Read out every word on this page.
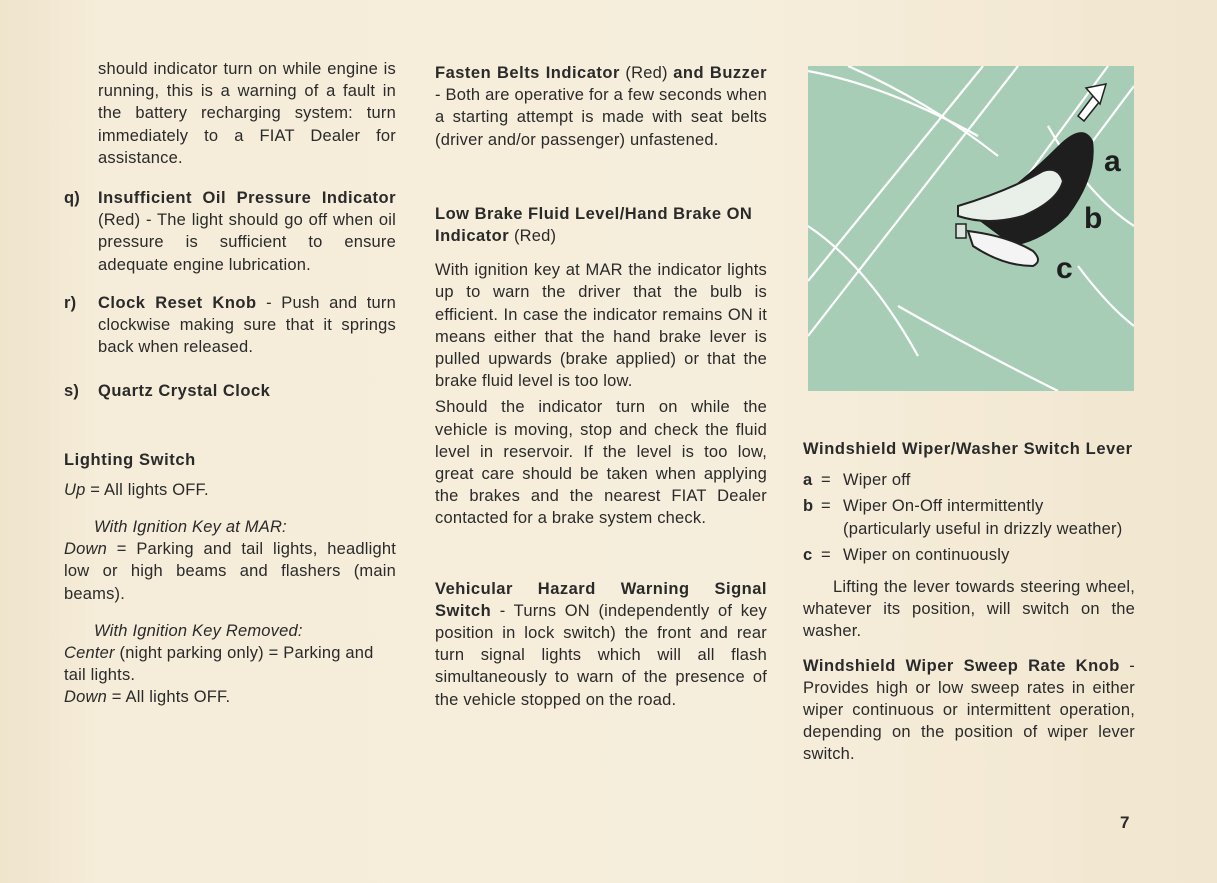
should indicator turn on while engine is running, this is a warning of a fault in the battery recharging system: turn immediately to a FIAT Dealer for assistance.

q) Insufficient Oil Pressure Indicator (Red) - The light should go off when oil pressure is sufficient to ensure adequate engine lubrication.
r) Clock Reset Knob - Push and turn clockwise making sure that it springs back when released.
s) Quartz Crystal Clock

Lighting Switch

Up = All lights OFF.

With Ignition Key at MAR:

Down = Parking and tail lights, headlight low or high beams and flashers (main beams).

With Ignition Key Removed:

Center (night parking only) = Parking and tail lights.

Down = All lights OFF.

Fasten Belts Indicator (Red) and Buzzer - Both are operative for a few seconds when a starting attempt is made with seat belts (driver and/or passenger) unfastened.

Low Brake Fluid Level/Hand Brake ON Indicator (Red)

With ignition key at MAR the indicator lights up to warn the driver that the bulb is efficient. In case the indicator remains ON it means either that the hand brake lever is pulled upwards (brake applied) or that the brake fluid level is too low.

Should the indicator turn on while the vehicle is moving, stop and check the fluid level in reservoir. If the level is too low, great care should be taken when applying the brakes and the nearest FIAT Dealer contacted for a brake system check.

Vehicular Hazard Warning Signal Switch - Turns ON (independently of key position in lock switch) the front and rear turn signal lights which will all flash simultaneously to warn of the presence of the vehicle stopped on the road.

a
b
c

Windshield Wiper/Washer Switch Lever

a = Wiper off
b = Wiper On-Off intermittently (particularly useful in drizzly weather)
c = Wiper on continuously

Lifting the lever towards steering wheel, whatever its position, will switch on the washer.

Windshield Wiper Sweep Rate Knob - Provides high or low sweep rates in either wiper continuous or intermittent operation, depending on the position of wiper lever switch.

7
